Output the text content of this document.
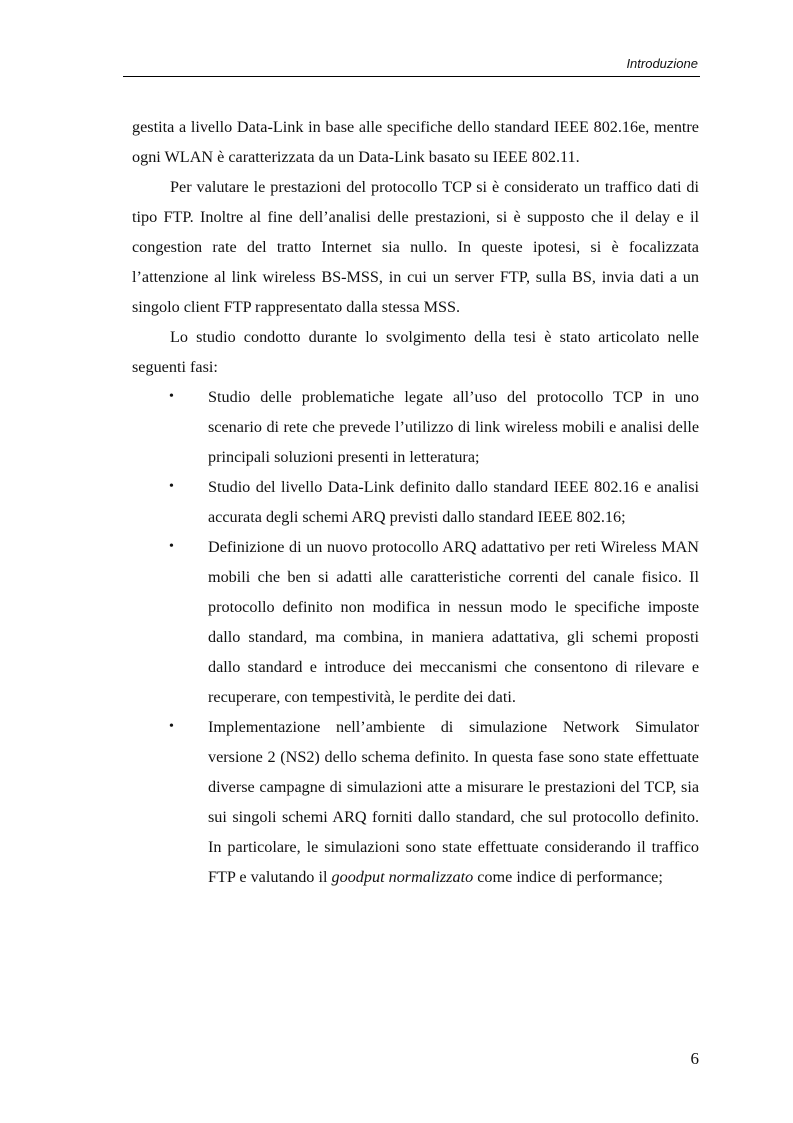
Introduzione

gestita a livello Data-Link in base alle specifiche dello standard IEEE 802.16e, mentre ogni WLAN è caratterizzata da un Data-Link basato su IEEE 802.11.

Per valutare le prestazioni del protocollo TCP si è considerato un traffico dati di tipo FTP. Inoltre al fine dell’analisi delle prestazioni, si è supposto che il delay e il congestion rate del tratto Internet sia nullo. In queste ipotesi, si è focalizzata l’attenzione al link wireless BS-MSS, in cui un server FTP, sulla BS, invia dati a un singolo client FTP rappresentato dalla stessa MSS.

Lo studio condotto durante lo svolgimento della tesi è stato articolato nelle seguenti fasi:

• Studio delle problematiche legate all’uso del protocollo TCP in uno scenario di rete che prevede l’utilizzo di link wireless mobili e analisi delle principali soluzioni presenti in letteratura;
• Studio del livello Data-Link definito dallo standard IEEE 802.16 e analisi accurata degli schemi ARQ previsti dallo standard IEEE 802.16;
• Definizione di un nuovo protocollo ARQ adattativo per reti Wireless MAN mobili che ben si adatti alle caratteristiche correnti del canale fisico. Il protocollo definito non modifica in nessun modo le specifiche imposte dallo standard, ma combina, in maniera adattativa, gli schemi proposti dallo standard e introduce dei meccanismi che consentono di rilevare e recuperare, con tempestività, le perdite dei dati.
• Implementazione nell’ambiente di simulazione Network Simulator versione 2 (NS2) dello schema definito. In questa fase sono state effettuate diverse campagne di simulazioni atte a misurare le prestazioni del TCP, sia sui singoli schemi ARQ forniti dallo standard, che sul protocollo definito. In particolare, le simulazioni sono state effettuate considerando il traffico FTP e valutando il goodput normalizzato come indice di performance;
6
